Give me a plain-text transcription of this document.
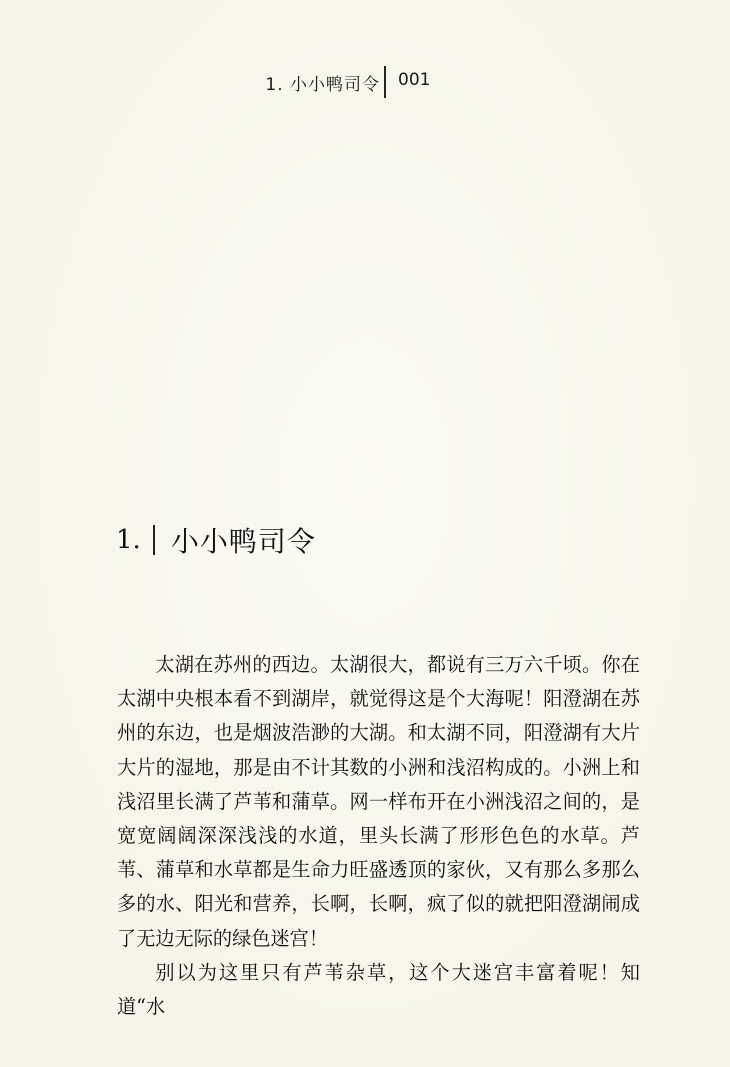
1. 小小鸭司令 001
1. 小小鸭司令

太湖在苏州的西边。太湖很大，都说有三万六千顷。你在太湖中央根本看不到湖岸，就觉得这是个大海呢！阳澄湖在苏州的东边，也是烟波浩渺的大湖。和太湖不同，阳澄湖有大片大片的湿地，那是由不计其数的小洲和浅沼构成的。小洲上和浅沼里长满了芦苇和蒲草。网一样布开在小洲浅沼之间的，是宽宽阔阔深深浅浅的水道，里头长满了形形色色的水草。芦苇、蒲草和水草都是生命力旺盛透顶的家伙，又有那么多那么多的水、阳光和营养，长啊，长啊，疯了似的就把阳澄湖闹成了无边无际的绿色迷宫！

别以为这里只有芦苇杂草，这个大迷宫丰富着呢！知道“水
